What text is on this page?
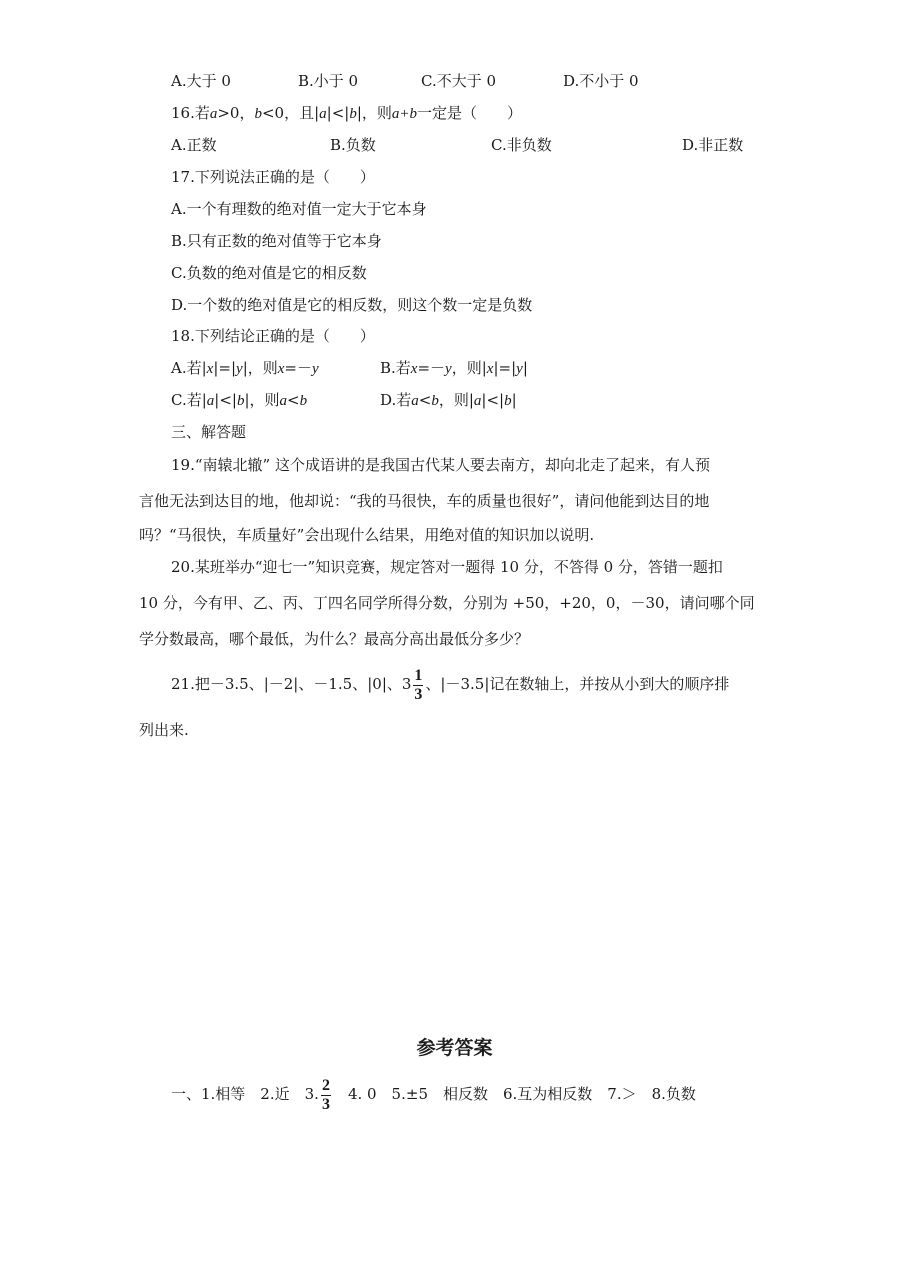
A.大于 0	B.小于 0	C.不大于 0	D.不小于 0
16.若a>0，b<0，且|a|<|b|，则a+b一定是（　　）
A.正数	B.负数	C.非负数	D.非正数
17.下列说法正确的是（　　）
A.一个有理数的绝对值一定大于它本身
B.只有正数的绝对值等于它本身
C.负数的绝对值是它的相反数
D.一个数的绝对值是它的相反数，则这个数一定是负数
18.下列结论正确的是（　　）
A.若|x|=|y|，则x=－y	B.若x=－y，则|x|=|y|
C.若|a|<|b|，则a<b	D.若a<b，则|a|<|b|
三、解答题
19.“南辕北辙” 这个成语讲的是我国古代某人要去南方，却向北走了起来，有人预
言他无法到达目的地，他却说：“我的马很快，车的质量也很好”，请问他能到达目的地
吗？“马很快，车质量好”会出现什么结果，用绝对值的知识加以说明.
20.某班举办“迎七一”知识竞赛，规定答对一题得 10 分，不答得 0 分，答错一题扣
10 分，今有甲、乙、丙、丁四名同学所得分数，分别为 +50，+20，0，－30，请问哪个同
学分数最高，哪个最低，为什么？最高分高出最低分多少？
21.把－3.5、|－2|、－1.5、|0|、$3 \frac{1}{3}$ 、|－3.5|记在数轴上，并按从小到大的顺序排
列出来.
参考答案
一、1.相等　2.近　3. $\frac{2}{3}$ 　4. 0　5.±5　相反数　6.互为相反数　7.＞　8.负数
